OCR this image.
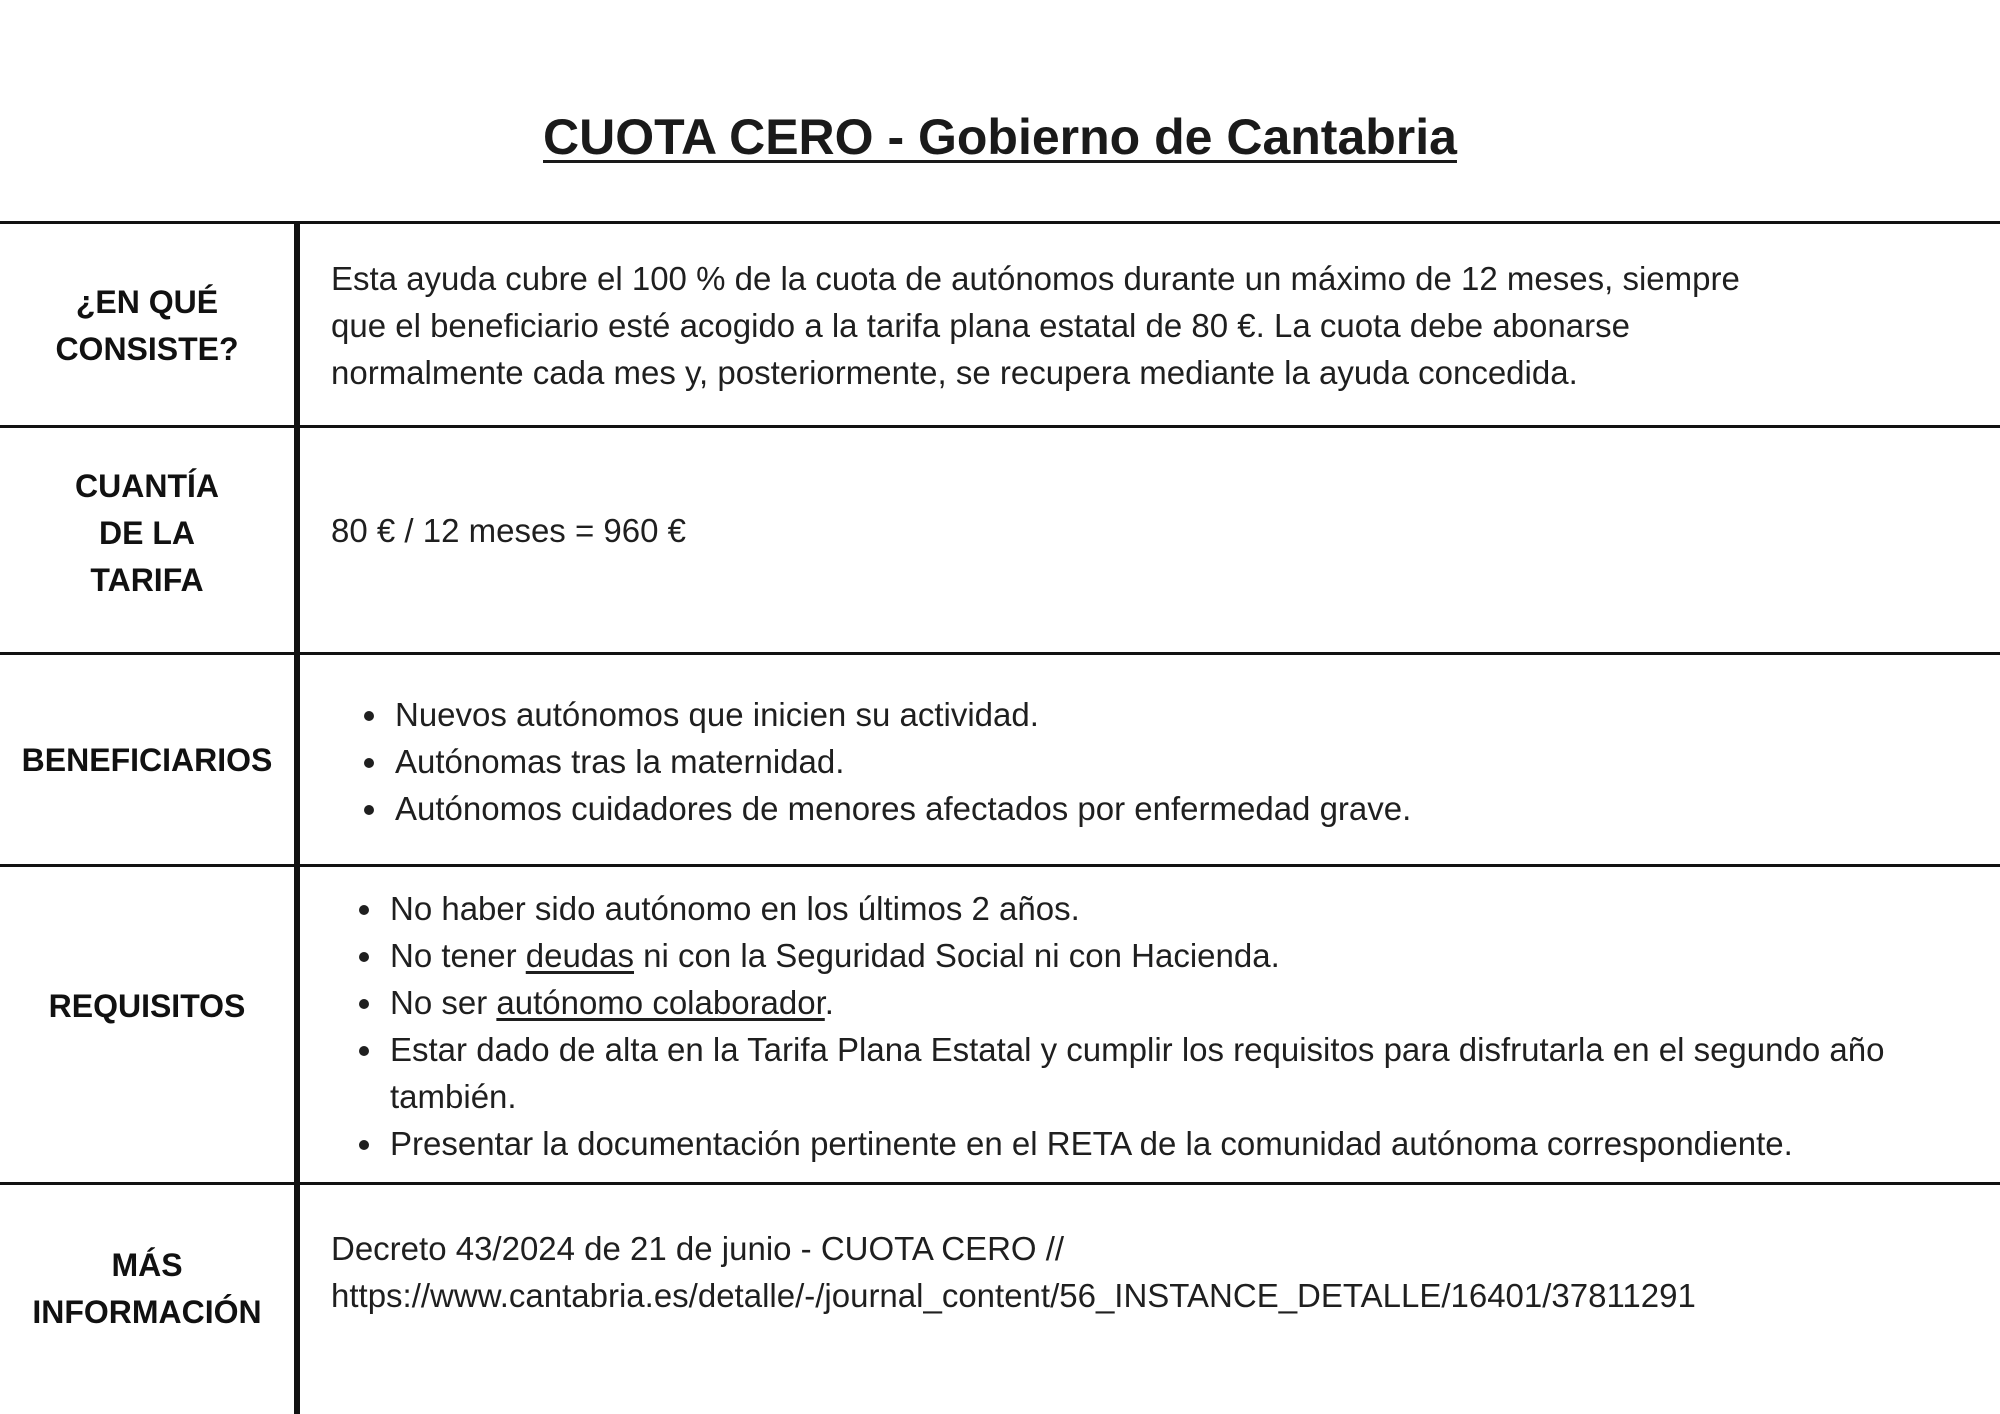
CUOTA CERO - Gobierno de Cantabria
¿EN QUÉ
CONSISTE?
Esta ayuda cubre el 100 % de la cuota de autónomos durante un máximo de 12 meses, siempre
que el beneficiario esté acogido a la tarifa plana estatal de 80 €. La cuota debe abonarse
normalmente cada mes y, posteriormente, se recupera mediante la ayuda concedida.
CUANTÍA
DE LA
TARIFA
80 € / 12 meses = 960 €
BENEFICIARIOS
• Nuevos autónomos que inicien su actividad.
• Autónomas tras la maternidad.
• Autónomos cuidadores de menores afectados por enfermedad grave.
REQUISITOS
• No haber sido autónomo en los últimos 2 años.
• No tener deudas ni con la Seguridad Social ni con Hacienda.
• No ser autónomo colaborador.
• Estar dado de alta en la Tarifa Plana Estatal y cumplir los requisitos para disfrutarla en el segundo año también.
• Presentar la documentación pertinente en el RETA de la comunidad autónoma correspondiente.
MÁS
INFORMACIÓN
Decreto 43/2024 de 21 de junio - CUOTA CERO //
https://www.cantabria.es/detalle/-/journal_content/56_INSTANCE_DETALLE/16401/37811291
